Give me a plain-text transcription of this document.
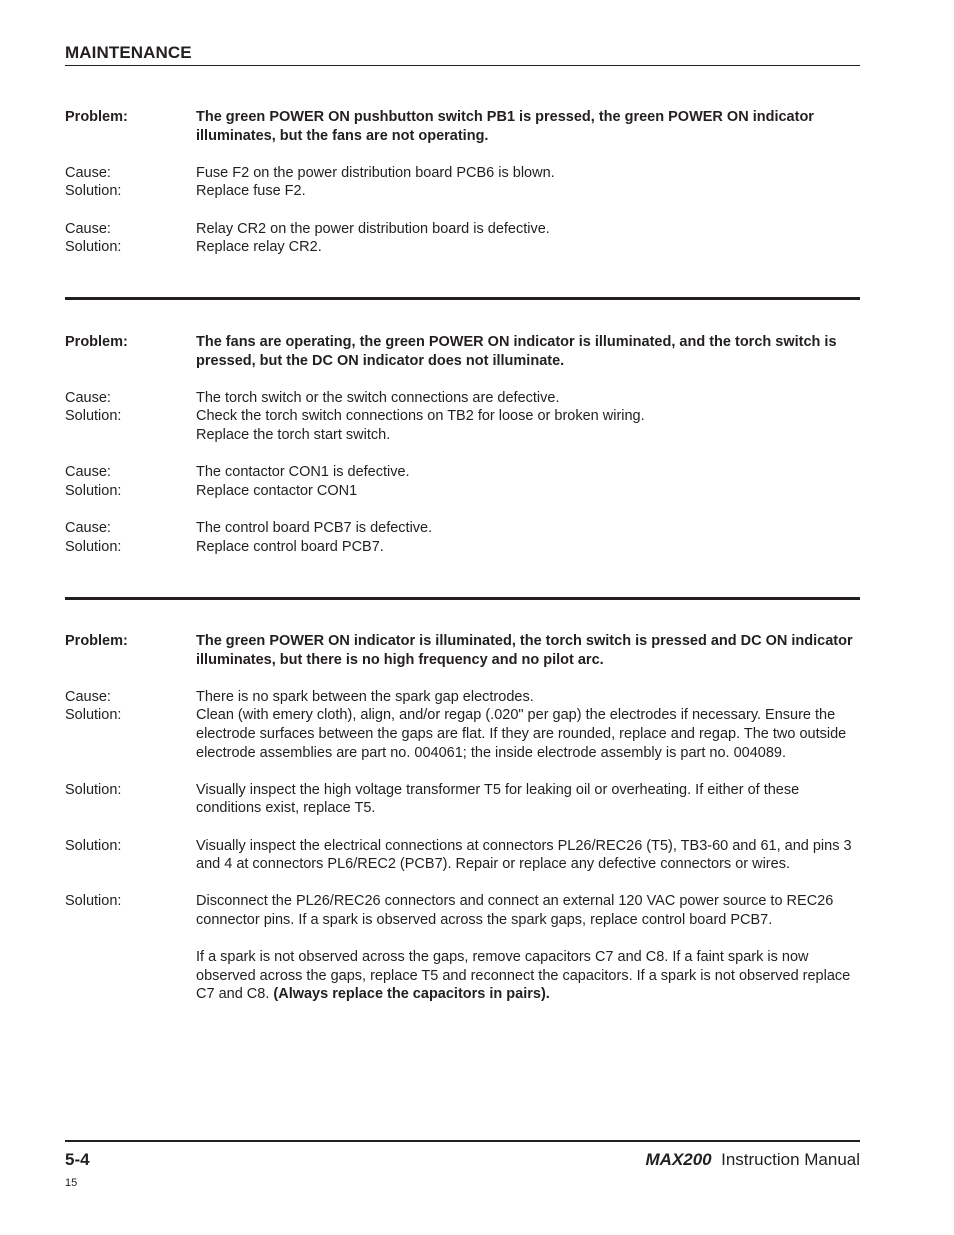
MAINTENANCE
Problem:	The green POWER ON pushbutton switch PB1 is pressed, the green POWER ON indicator illuminates, but the fans are not operating.
Cause:	Fuse F2 on the power distribution board PCB6 is blown.
Solution:	Replace fuse F2.
Cause:	Relay CR2 on the power distribution board is defective.
Solution:	Replace relay CR2.
Problem:	The fans are operating, the green POWER ON indicator is illuminated, and the torch switch is pressed, but the DC ON indicator does not illuminate.
Cause:	The torch switch or the switch connections are defective.
Solution:	Check the torch switch connections on TB2 for loose or broken wiring.
Replace the torch start switch.
Cause:	The contactor CON1 is defective.
Solution:	Replace contactor CON1
Cause:	The control board PCB7 is defective.
Solution:	Replace control board PCB7.
Problem:	The green POWER ON indicator is illuminated, the torch switch is pressed and DC ON indicator illuminates, but there is no high frequency and no pilot arc.
Cause:	There is no spark between the spark gap electrodes.
Solution:	Clean (with emery cloth), align, and/or regap (.020" per gap) the electrodes if necessary. Ensure the electrode surfaces between the gaps are flat. If they are rounded, replace and regap. The two outside electrode assemblies are part no. 004061; the inside electrode assembly is part no. 004089.
Solution:	Visually inspect the high voltage transformer T5 for leaking oil or overheating. If either of these conditions exist, replace T5.
Solution:	Visually inspect the electrical connections at connectors PL26/REC26 (T5), TB3-60 and 61, and pins 3 and 4 at connectors PL6/REC2 (PCB7). Repair or replace any defective connectors or wires.
Solution:	Disconnect the PL26/REC26 connectors and connect an external 120 VAC power source to REC26 connector pins. If a spark is observed across the spark gaps, replace control board PCB7.
If a spark is not observed across the gaps, remove capacitors C7 and C8. If a faint spark is now observed across the gaps, replace T5 and reconnect the capacitors. If a spark is not observed replace C7 and C8. (Always replace the capacitors in pairs).
5-4	MAX200 Instruction Manual
15
